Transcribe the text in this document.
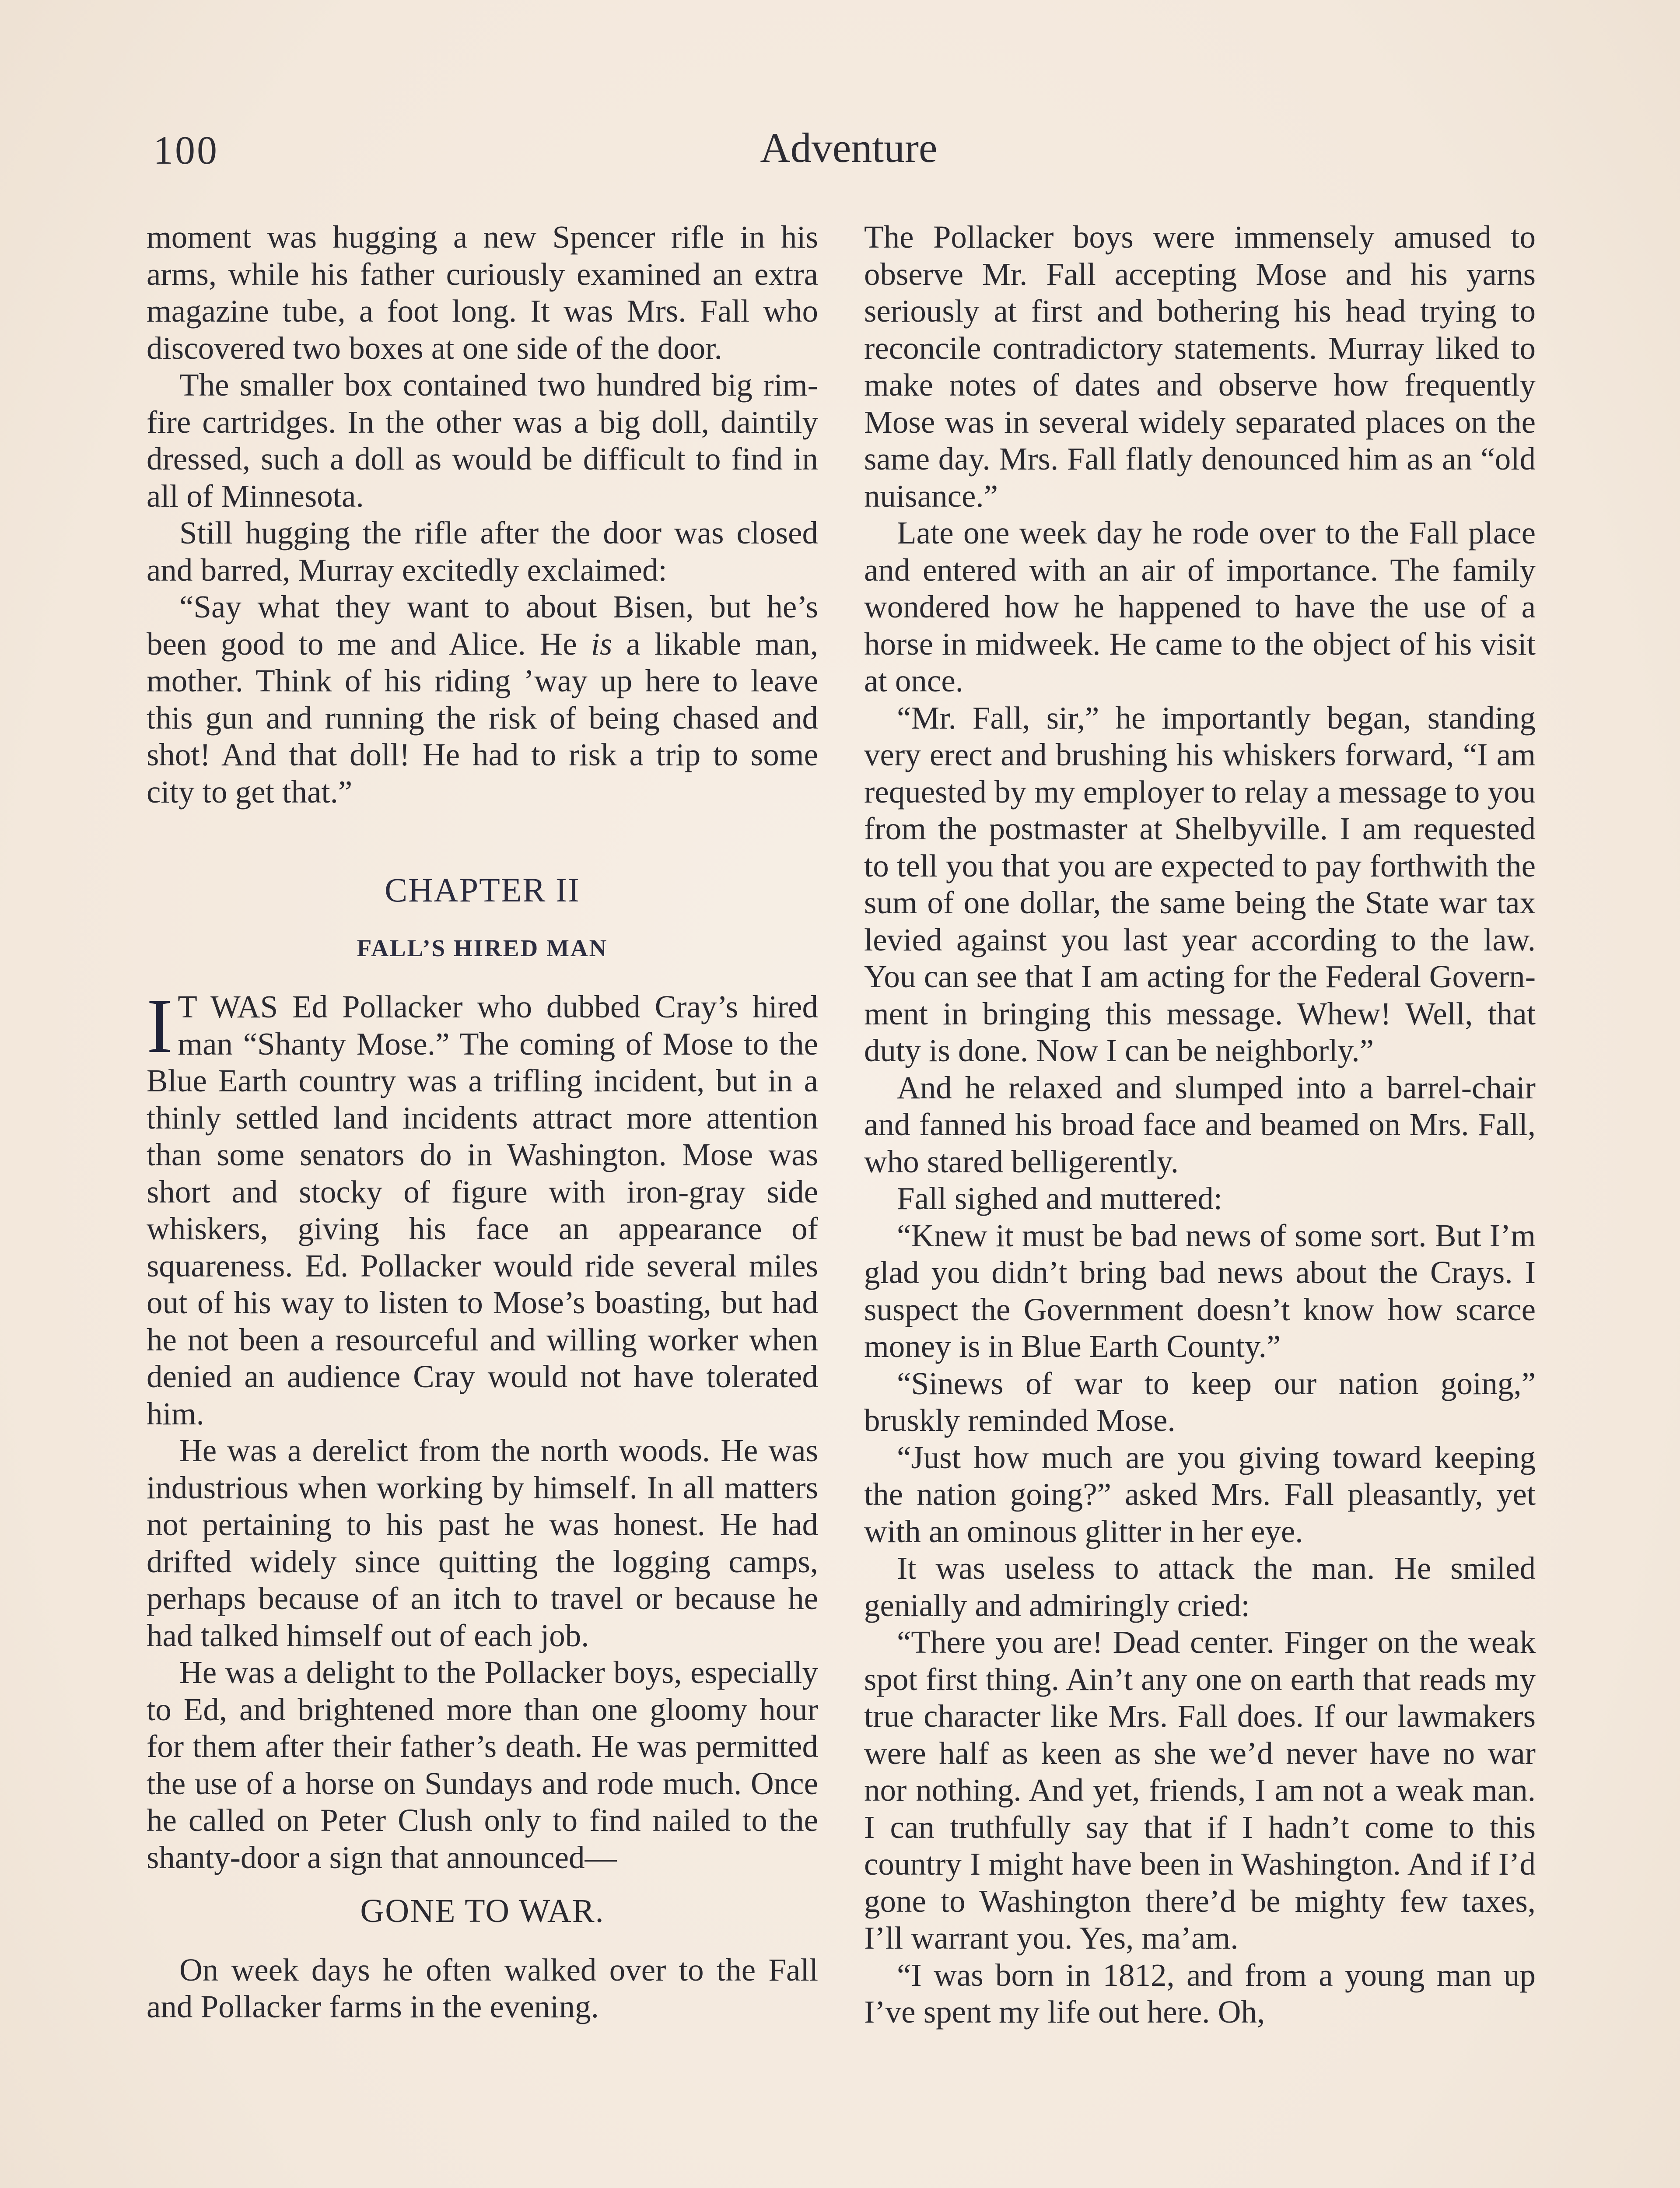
100	Adventure

moment was hugging a new Spencer rifle in his arms, while his father curiously examined an extra magazine tube, a foot long. It was Mrs. Fall who discovered two boxes at one side of the door.

The smaller box contained two hundred big rim-fire cartridges. In the other was a big doll, daintily dressed, such a doll as would be difficult to find in all of Minnesota.

Still hugging the rifle after the door was closed and barred, Murray excitedly exclaimed:

“Say what they want to about Bisen, but he’s been good to me and Alice. He is a likable man, mother. Think of his riding ’way up here to leave this gun and running the risk of being chased and shot! And that doll! He had to risk a trip to some city to get that.”

CHAPTER II
FALL’S HIRED MAN

I T WAS Ed Pollacker who dubbed Cray’s hired man “Shanty Mose.” The coming of Mose to the Blue Earth country was a trifling incident, but in a thinly settled land incidents attract more attention than some senators do in Washington. Mose was short and stocky of figure with iron-gray side whiskers, giving his face an appearance of squareness. Ed. Pollacker would ride several miles out of his way to listen to Mose’s boasting, but had he not been a resourceful and willing worker when denied an audience Cray would not have tolerated him.

He was a derelict from the north woods. He was industrious when working by himself. In all matters not pertaining to his past he was honest. He had drifted widely since quitting the logging camps, perhaps because of an itch to travel or because he had talked himself out of each job.

He was a delight to the Pollacker boys, especially to Ed, and brightened more than one gloomy hour for them after their father’s death. He was permitted the use of a horse on Sundays and rode much. Once he called on Peter Clush only to find nailed to the shanty-door a sign that announced—

GONE TO WAR.

On week days he often walked over to the Fall and Pollacker farms in the evening.

The Pollacker boys were immensely amused to observe Mr. Fall accepting Mose and his yarns seriously at first and bothering his head trying to reconcile contradictory statements. Murray liked to make notes of dates and observe how frequently Mose was in several widely separated places on the same day. Mrs. Fall flatly denounced him as an “old nuisance.”

Late one week day he rode over to the Fall place and entered with an air of importance. The family wondered how he happened to have the use of a horse in midweek. He came to the object of his visit at once.

“Mr. Fall, sir,” he importantly began, standing very erect and brushing his whiskers forward, “I am requested by my employer to relay a message to you from the postmaster at Shelbyville. I am requested to tell you that you are expected to pay forthwith the sum of one dollar, the same being the State war tax levied against you last year according to the law. You can see that I am acting for the Federal Government in bringing this message. Whew! Well, that duty is done. Now I can be neighborly.”

And he relaxed and slumped into a barrel-chair and fanned his broad face and beamed on Mrs. Fall, who stared belligerently.

Fall sighed and muttered:

“Knew it must be bad news of some sort. But I’m glad you didn’t bring bad news about the Crays. I suspect the Government doesn’t know how scarce money is in Blue Earth County.”

“Sinews of war to keep our nation going,” bruskly reminded Mose.

“Just how much are you giving toward keeping the nation going?” asked Mrs. Fall pleasantly, yet with an ominous glitter in her eye.

It was useless to attack the man. He smiled genially and admiringly cried:

“There you are! Dead center. Finger on the weak spot first thing. Ain’t any one on earth that reads my true character like Mrs. Fall does. If our lawmakers were half as keen as she we’d never have no war nor nothing. And yet, friends, I am not a weak man. I can truthfully say that if I hadn’t come to this country I might have been in Washington. And if I’d gone to Washington there’d be mighty few taxes, I’ll warrant you. Yes, ma’am.

“I was born in 1812, and from a young man up I’ve spent my life out here. Oh,
